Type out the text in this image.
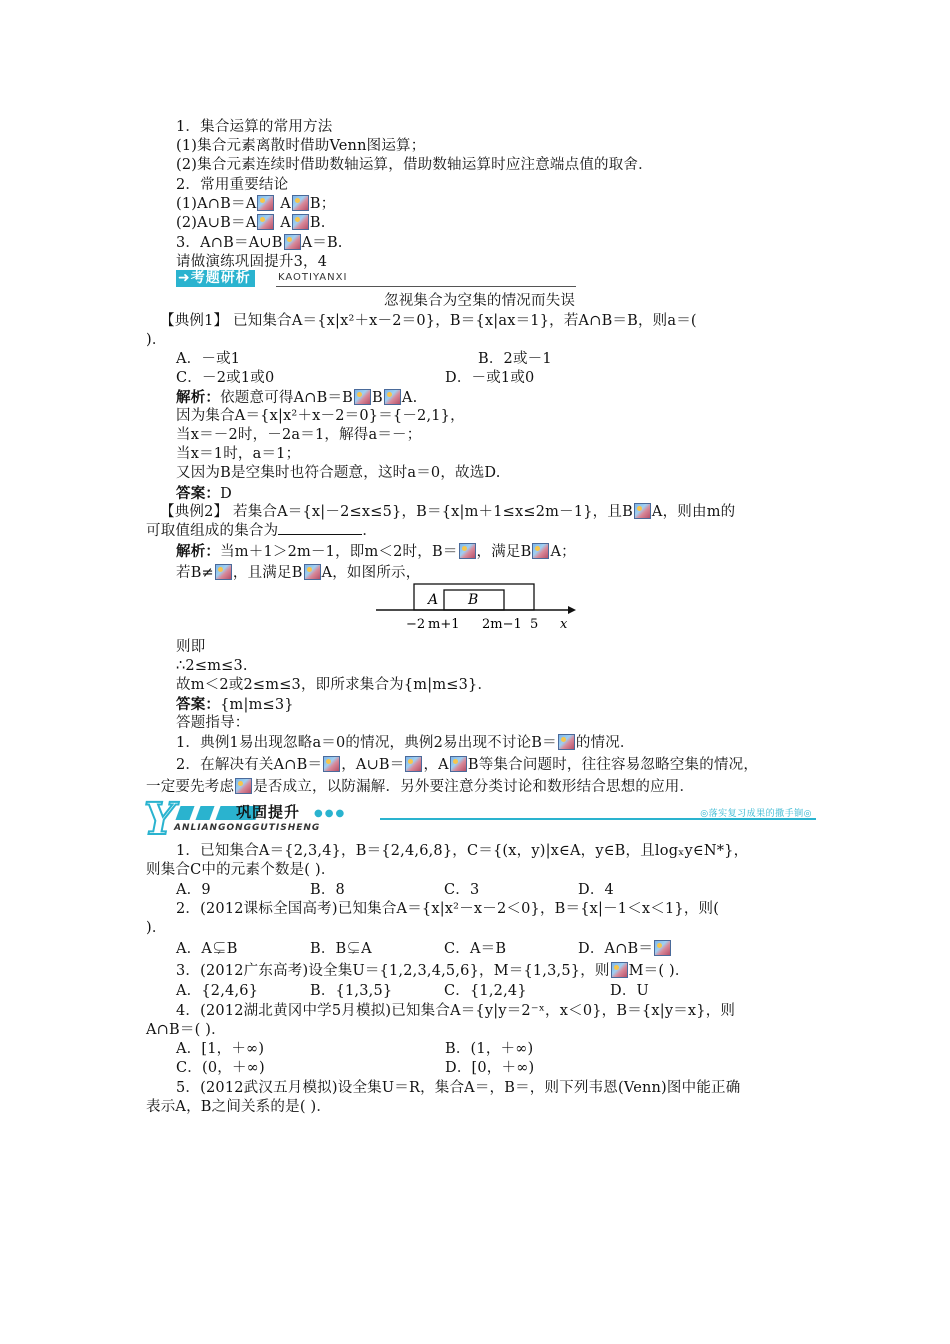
1．集合运算的常用方法
(1)集合元素离散时借助Venn图运算；
(2)集合元素连续时借助数轴运算，借助数轴运算时应注意端点值的取舍．
2．常用重要结论
(1)A∩B＝A A B；
(2)A∪B＝A A B.
3．A∩B＝A∪B A＝B.
请做演练巩固提升3，4
➜考题研析	KAOTIYANXI
忽视集合为空集的情况而失误
【典例1】 已知集合A＝{x|x²＋x－2＝0}，B＝{x|ax＝1}，若A∩B＝B，则a＝(
)．
A．－或1	B．2或－1
C．－2或1或0	D．－或1或0
解析：依题意可得A∩B＝B B A.
因为集合A＝{x|x²＋x－2＝0}＝{－2,1}，
当x＝－2时，－2a＝1，解得a＝－；
当x＝1时，a＝1；
又因为B是空集时也符合题意，这时a＝0，故选D.
答案：D
【典例2】 若集合A＝{x|－2≤x≤5}，B＝{x|m＋1≤x≤2m－1}，且B A，则由m的
可取值组成的集合为	．
解析：当m＋1＞2m－1，即m＜2时，B＝ ，满足B A；
若B≠ ，且满足B A，如图所示，
A B
−2 m+1 2m−1 5 x
则即
∴2≤m≤3.
故m＜2或2≤m≤3，即所求集合为{m|m≤3}．
答案：{m|m≤3}
答题指导：
1．典例1易出现忽略a＝0的情况，典例2易出现不讨论B＝ 的情况．
2．在解决有关A∩B＝ ，A∪B＝ ，A B等集合问题时，往往容易忽略空集的情况，
一定要先考虑 是否成立，以防漏解．另外要注意分类讨论和数形结合思想的应用．
Y	巩固提升 ●●●
ANLIANGONGGUTISHENG
◎落实复习成果的撒手锏◎
1．已知集合A＝{2,3,4}，B＝{2,4,6,8}，C＝{(x，y)|x∈A，y∈B，且logₓy∈N*}，
则集合C中的元素个数是( )．
A．9	B．8	C．3	D．4
2．(2012课标全国高考)已知集合A＝{x|x²－x－2＜0}，B＝{x|－1＜x＜1}，则(
)．
A．A⊊B	B．B⊊A	C．A＝B	D．A∩B＝
3．(2012广东高考)设全集U＝{1,2,3,4,5,6}，M＝{1,3,5}，则 M＝( )．
A．{2,4,6}	B．{1,3,5}	C．{1,2,4}	D．U
4．(2012湖北黄冈中学5月模拟)已知集合A＝{y|y＝2⁻ˣ，x＜0}，B＝{x|y＝x}，则
A∩B＝( )．
A．[1，＋∞)	B．(1，＋∞)
C．(0，＋∞)	D．[0，＋∞)
5．(2012武汉五月模拟)设全集U＝R，集合A＝，B＝，则下列韦恩(Venn)图中能正确
表示A，B之间关系的是( )．
